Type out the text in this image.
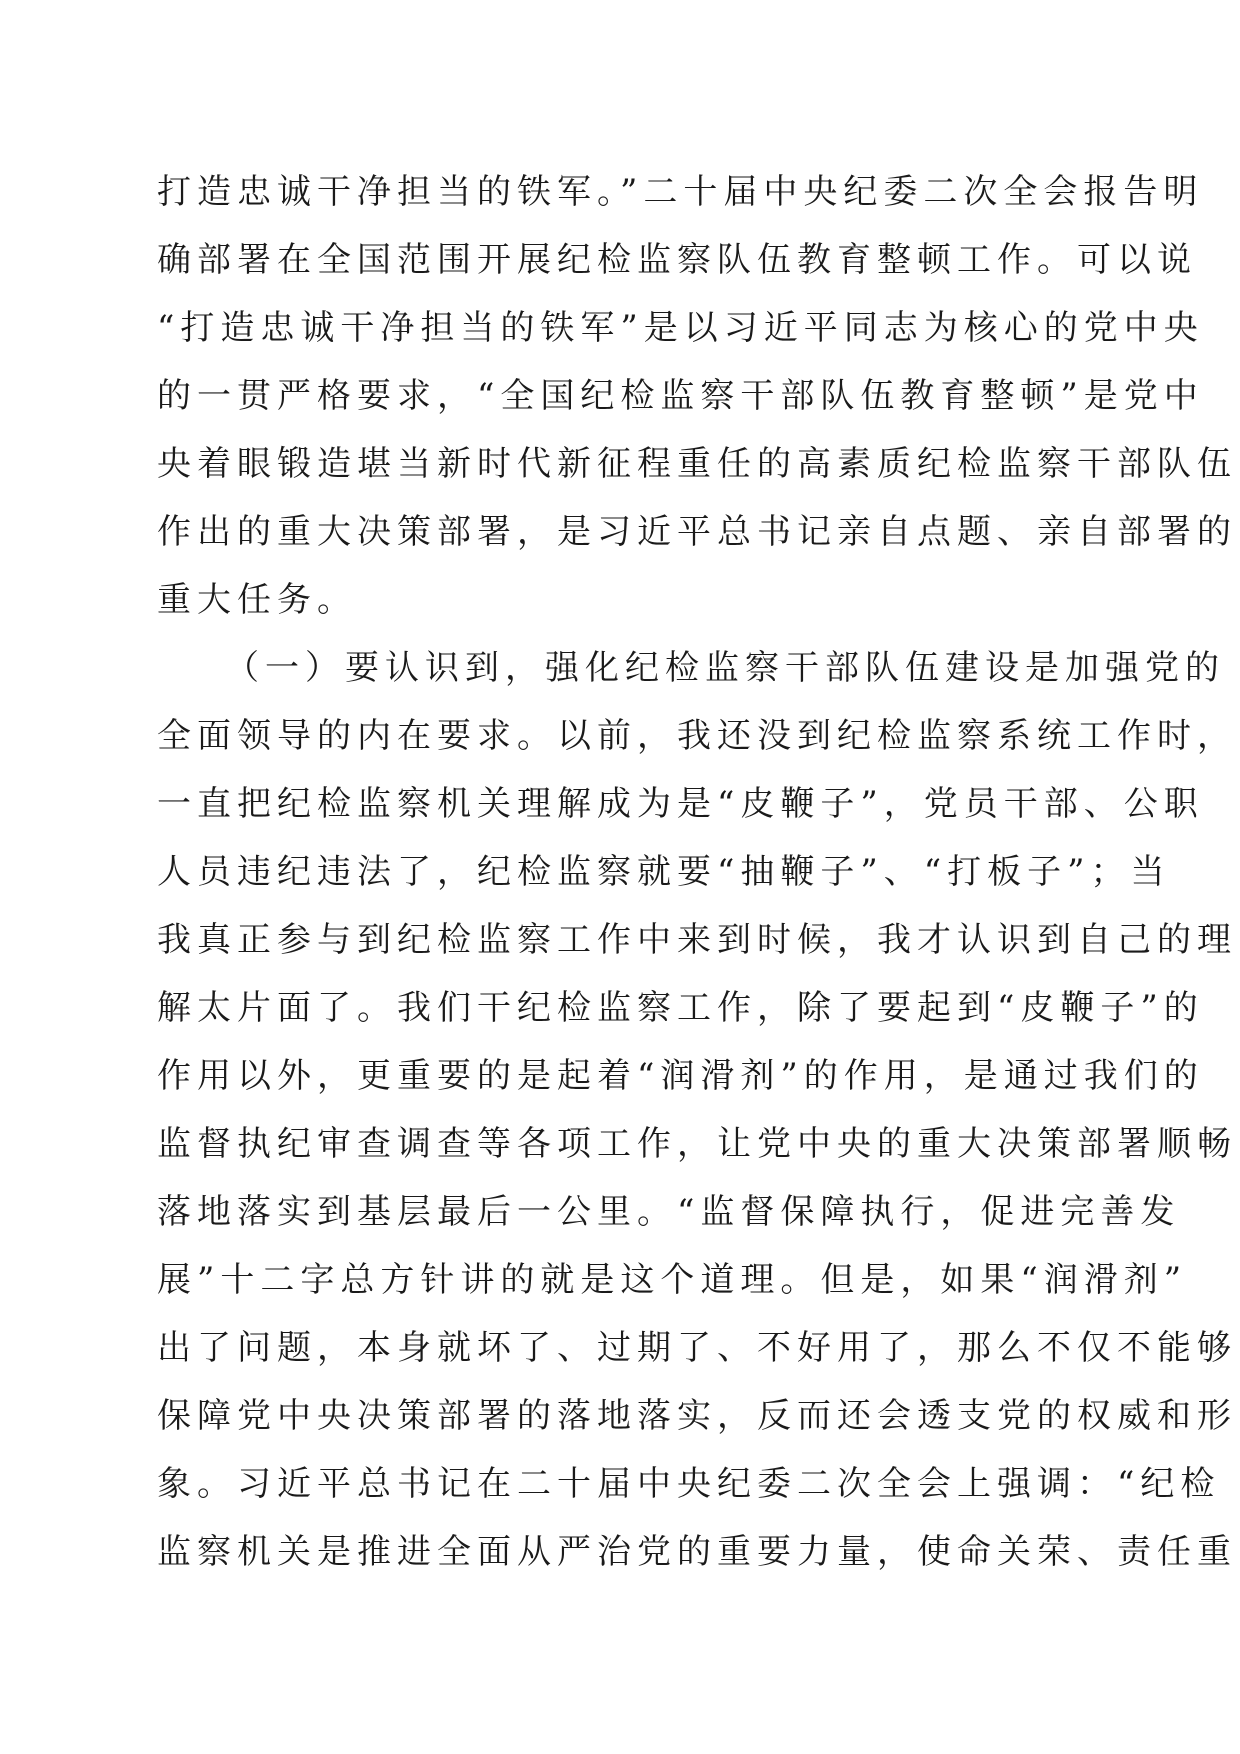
打造忠诚干净担当的铁军。”二十届中央纪委二次全会报告明
确部署在全国范围开展纪检监察队伍教育整顿工作。可以说
“打造忠诚干净担当的铁军”是以习近平同志为核心的党中央
的一贯严格要求，“全国纪检监察干部队伍教育整顿”是党中
央着眼锻造堪当新时代新征程重任的高素质纪检监察干部队伍
作出的重大决策部署，是习近平总书记亲自点题、亲自部署的
重大任务。
（一）要认识到，强化纪检监察干部队伍建设是加强党的
全面领导的内在要求。以前，我还没到纪检监察系统工作时，
一直把纪检监察机关理解成为是“皮鞭子”，党员干部、公职
人员违纪违法了，纪检监察就要“抽鞭子”、“打板子”；当
我真正参与到纪检监察工作中来到时候，我才认识到自己的理
解太片面了。我们干纪检监察工作，除了要起到“皮鞭子”的
作用以外，更重要的是起着“润滑剂”的作用，是通过我们的
监督执纪审查调查等各项工作，让党中央的重大决策部署顺畅
落地落实到基层最后一公里。“监督保障执行，促进完善发
展”十二字总方针讲的就是这个道理。但是，如果“润滑剂”
出了问题，本身就坏了、过期了、不好用了，那么不仅不能够
保障党中央决策部署的落地落实，反而还会透支党的权威和形
象。习近平总书记在二十届中央纪委二次全会上强调：“纪检
监察机关是推进全面从严治党的重要力量，使命关荣、责任重
